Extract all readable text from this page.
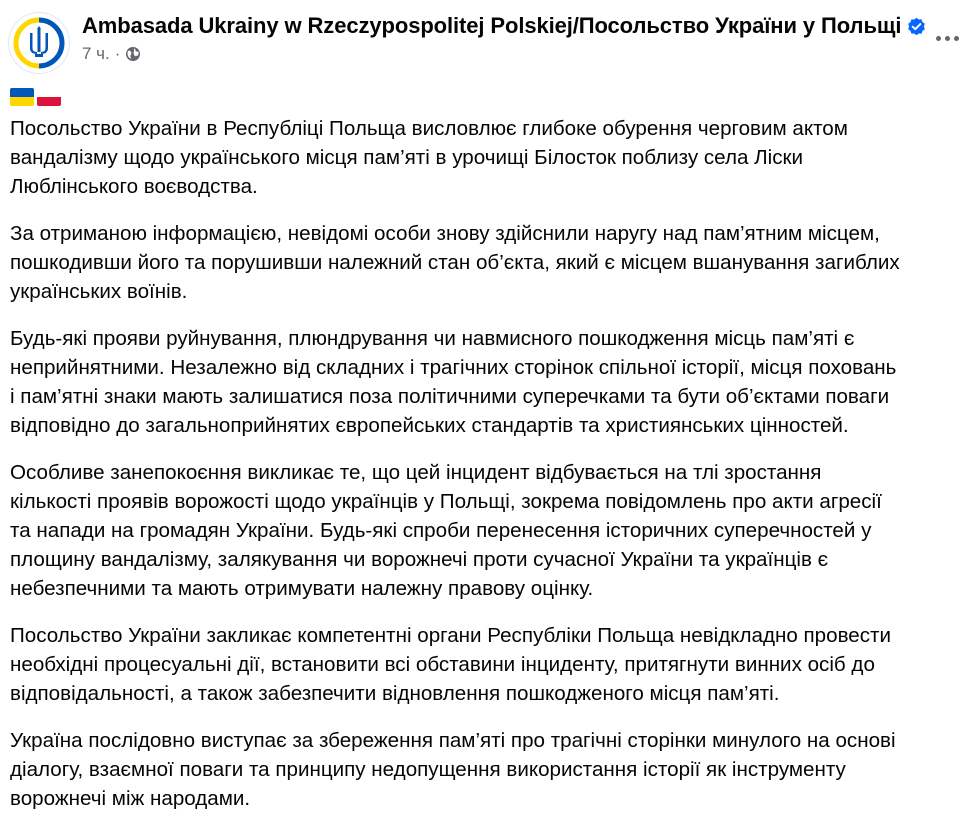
Ambasada Ukrainy w Rzeczypospolitej Polskiej/Посольство України у Польщі
7 ч. ·

Посольство України в Республіці Польща висловлює глибоке обурення черговим актом
вандалізму щодо українського місця пам’яті в урочищі Білосток поблизу села Ліски
Люблінського воєводства.

За отриманою інформацією, невідомі особи знову здійснили наругу над пам’ятним місцем,
пошкодивши його та порушивши належний стан об’єкта, який є місцем вшанування загиблих
українських воїнів.

Будь-які прояви руйнування, плюндрування чи навмисного пошкодження місць пам’яті є
неприйнятними. Незалежно від складних і трагічних сторінок спільної історії, місця поховань
і пам’ятні знаки мають залишатися поза політичними суперечками та бути об’єктами поваги
відповідно до загальноприйнятих європейських стандартів та християнських цінностей.

Особливе занепокоєння викликає те, що цей інцидент відбувається на тлі зростання
кількості проявів ворожості щодо українців у Польщі, зокрема повідомлень про акти агресії
та напади на громадян України. Будь-які спроби перенесення історичних суперечностей у
площину вандалізму, залякування чи ворожнечі проти сучасної України та українців є
небезпечними та мають отримувати належну правову оцінку.

Посольство України закликає компетентні органи Республіки Польща невідкладно провести
необхідні процесуальні дії, встановити всі обставини інциденту, притягнути винних осіб до
відповідальності, а також забезпечити відновлення пошкодженого місця пам’яті.

Україна послідовно виступає за збереження пам’яті про трагічні сторінки минулого на основі
діалогу, взаємної поваги та принципу недопущення використання історії як інструменту
ворожнечі між народами.
